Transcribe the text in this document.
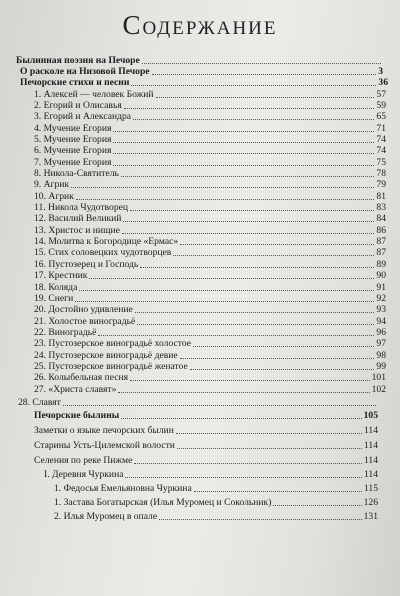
Содержание
Былинная поэзия на Печоре
О расколе на Низовой Печоре	3
Печорские стихи и песни	36
1. Алексей — человек Божий	57
2. Егорий и Олисавья	59
3. Егорий и Александра	65
4. Мучение Егория	71
5. Мучение Егория	74
6. Мучение Егория	74
7. Мучение Егория	75
8. Никола-Святитель	78
9. Агрик	79
10. Агрик	81
11. Никола Чудотворец	83
12. Василий Великий	84
13. Христос и нищие	86
14. Молитва к Богородице «Ермас»	87
15. Стих соловецких чудотворцев	87
16. Пустозерец и Господь	89
17. Крестник	90
18. Коляда	91
19. Снеги	92
20. Достойно удивление	93
21. Холостое виноградьё	94
22. Виноградьё	96
23. Пустозерское виноградьё холостое	97
24. Пустозерское виноградьё девие	98
25. Пустозерское виноградьё женатое	99
26. Колыбельная песня	101
27. «Христа славят»	102
28. Славят
Печорские былины	105
Заметки о языке печорских былин	114
Старины Усть-Цилемской волости	114
Селения по реке Пижме	114
I. Деревня Чуркина	114
1. Федосья Емельяновна Чуркина	115
1. Застава Богатырская (Илья Муромец и Сокольник)	126
2. Илья Муромец в опале	131
